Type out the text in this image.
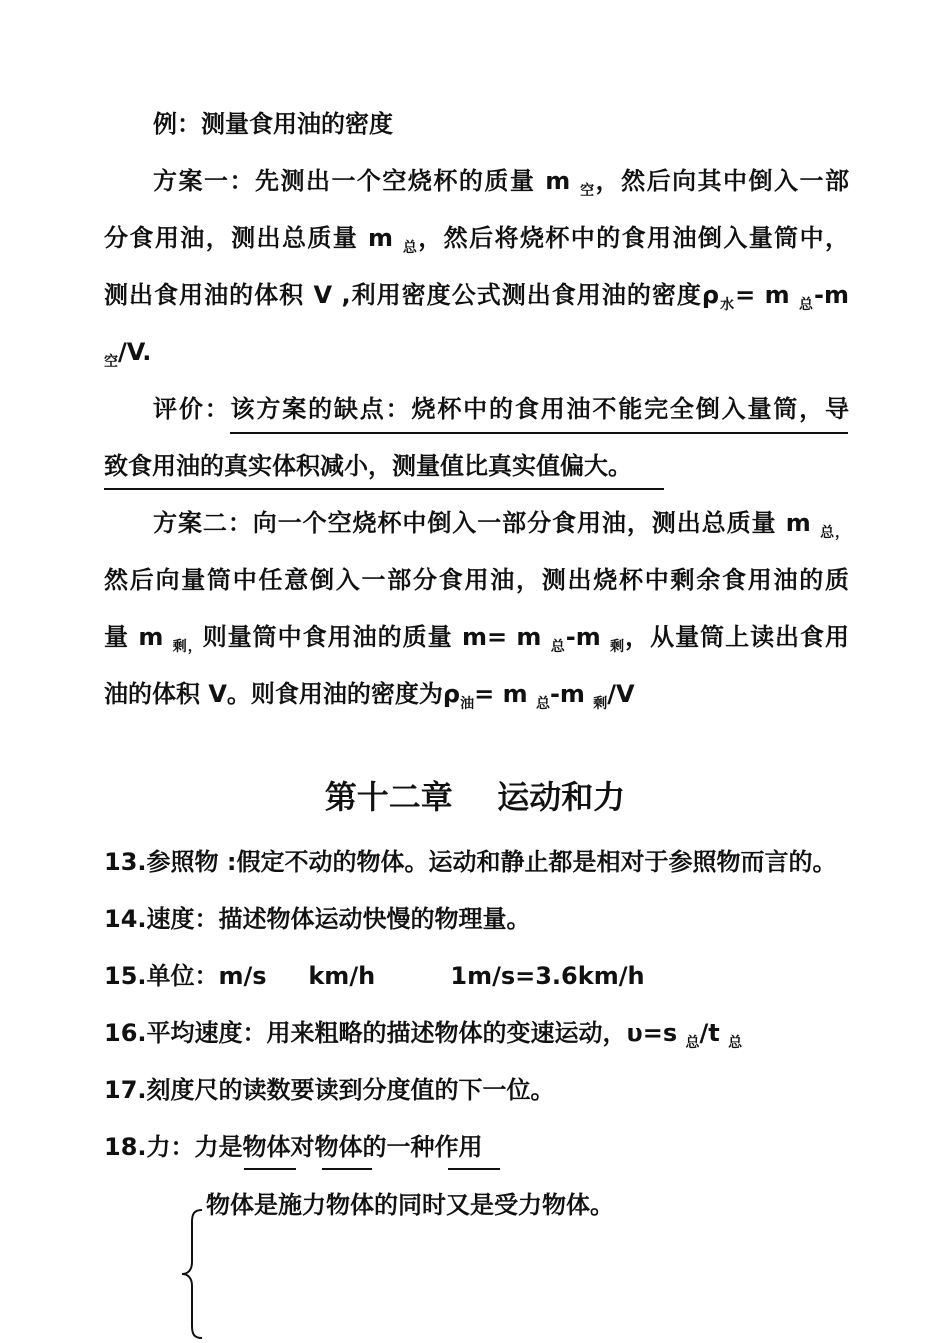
例：测量食用油的密度
方案一：先测出一个空烧杯的质量 m $_空$，然后向其中倒入一部
分食用油，测出总质量 m $_总$，然后将烧杯中的食用油倒入量筒中，
测出食用油的体积 V ,利用密度公式测出食用油的密度$\rho_水= m$ $_总$-m
$_空$/V.
评价：该方案的缺点：烧杯中的食用油不能完全倒入量筒，导
致食用油的真实体积减小，测量值比真实值偏大。
方案二：向一个空烧杯中倒入一部分食用油，测出总质量 m $_{总,}$
然后向量筒中任意倒入一部分食用油，测出烧杯中剩余食用油的质
量 m $_{剩,}$则量筒中食用油的质量 m= m $_总$-m $_剩$，从量筒上读出食用
油的体积 V。则食用油的密度为$\rho_油= m$ $_总$-m $_剩$/V
第十二章    运动和力
13.参照物 :假定不动的物体。运动和静止都是相对于参照物而言的。
14.速度：描述物体运动快慢的物理量。
15.单位：m/s     km/h         1m/s=3.6km/h
16.平均速度：用来粗略的描述物体的变速运动，υ=s $_总$/t $_总$
17.刻度尺的读数要读到分度值的下一位。
18.力：力是物体对物体的一种作用
物体是施力物体的同时又是受力物体。
